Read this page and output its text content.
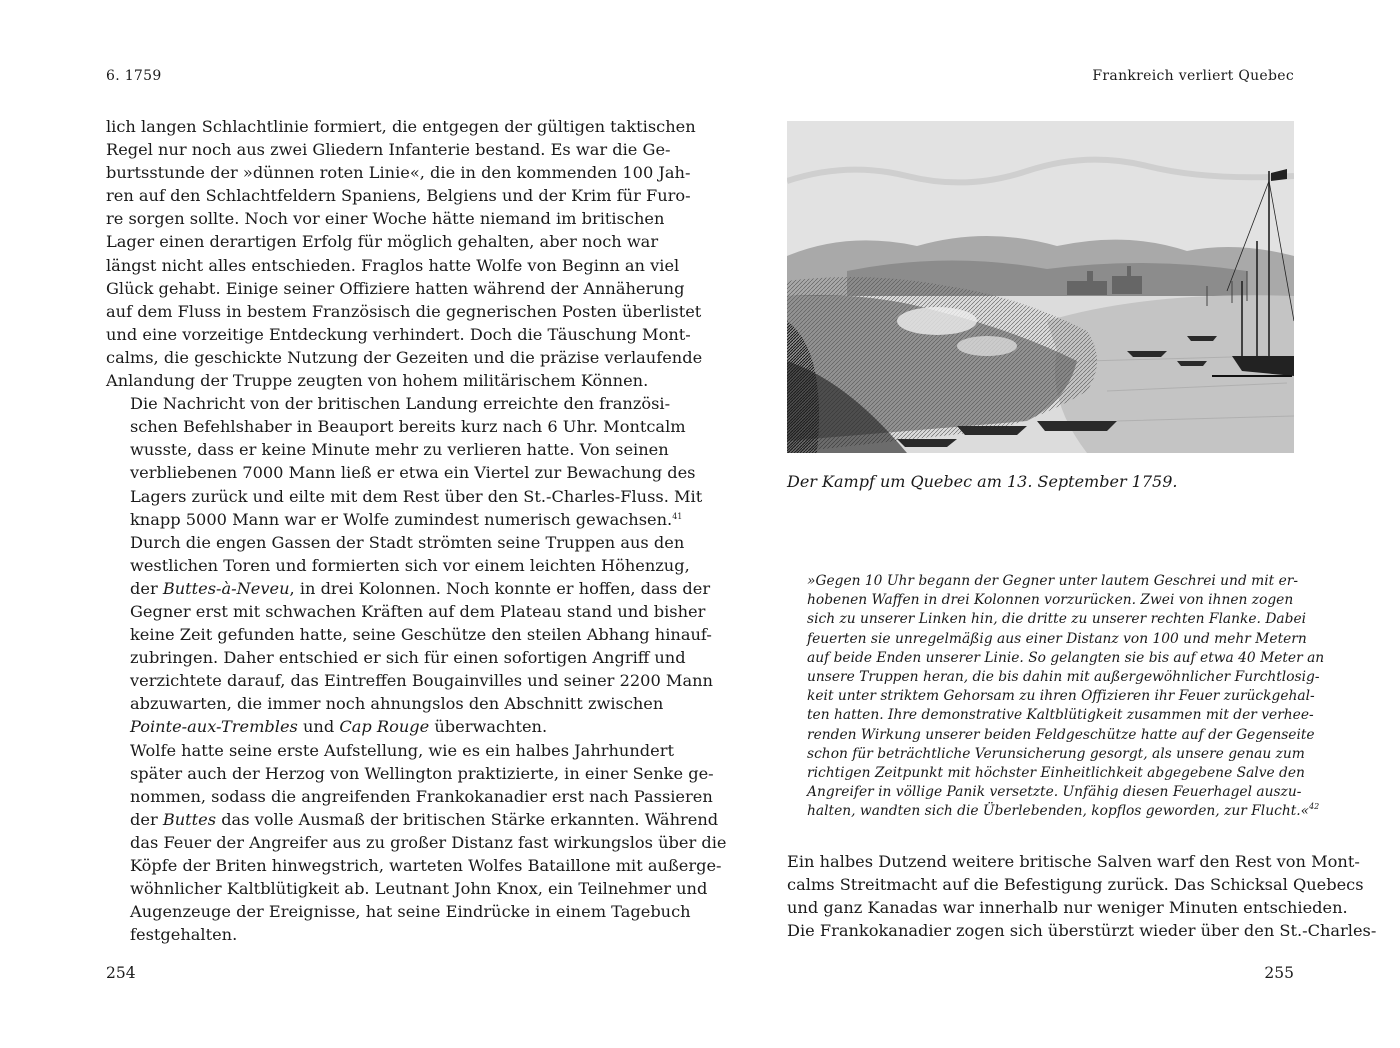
6. 1759

lich langen Schlachtlinie formiert, die entgegen der gültigen taktischen
Regel nur noch aus zwei Gliedern Infanterie bestand. Es war die Ge-
burtsstunde der »dünnen roten Linie«, die in den kommenden 100 Jah-
ren auf den Schlachtfeldern Spaniens, Belgiens und der Krim für Furo-
re sorgen sollte. Noch vor einer Woche hätte niemand im britischen
Lager einen derartigen Erfolg für möglich gehalten, aber noch war
längst nicht alles entschieden. Fraglos hatte Wolfe von Beginn an viel
Glück gehabt. Einige seiner Offiziere hatten während der Annäherung
auf dem Fluss in bestem Französisch die gegnerischen Posten überlistet
und eine vorzeitige Entdeckung verhindert. Doch die Täuschung Mont-
calms, die geschickte Nutzung der Gezeiten und die präzise verlaufende
Anlandung der Truppe zeugten von hohem militärischem Können.

Die Nachricht von der britischen Landung erreichte den französi-
schen Befehlshaber in Beauport bereits kurz nach 6 Uhr. Montcalm
wusste, dass er keine Minute mehr zu verlieren hatte. Von seinen
verbliebenen 7000 Mann ließ er etwa ein Viertel zur Bewachung des
Lagers zurück und eilte mit dem Rest über den St.-Charles-Fluss. Mit
knapp 5000 Mann war er Wolfe zumindest numerisch gewachsen.$^{41}$
Durch die engen Gassen der Stadt strömten seine Truppen aus den
westlichen Toren und formierten sich vor einem leichten Höhenzug,
der Buttes-à-Neveu, in drei Kolonnen. Noch konnte er hoffen, dass der
Gegner erst mit schwachen Kräften auf dem Plateau stand und bisher
keine Zeit gefunden hatte, seine Geschütze den steilen Abhang hinauf-
zubringen. Daher entschied er sich für einen sofortigen Angriff und
verzichtete darauf, das Eintreffen Bougainvilles und seiner 2200 Mann
abzuwarten, die immer noch ahnungslos den Abschnitt zwischen
Pointe-aux-Trembles und Cap Rouge überwachten.

Wolfe hatte seine erste Aufstellung, wie es ein halbes Jahrhundert
später auch der Herzog von Wellington praktizierte, in einer Senke ge-
nommen, sodass die angreifenden Frankokanadier erst nach Passieren
der Buttes das volle Ausmaß der britischen Stärke erkannten. Während
das Feuer der Angreifer aus zu großer Distanz fast wirkungslos über die
Köpfe der Briten hinwegstrich, warteten Wolfes Bataillone mit außerge-
wöhnlicher Kaltblütigkeit ab. Leutnant John Knox, ein Teilnehmer und
Augenzeuge der Ereignisse, hat seine Eindrücke in einem Tagebuch
festgehalten.

254
Frankreich verliert Quebec
Der Kampf um Quebec am 13. September 1759.
»Gegen 10 Uhr begann der Gegner unter lautem Geschrei und mit er-
hobenen Waffen in drei Kolonnen vorzurücken. Zwei von ihnen zogen
sich zu unserer Linken hin, die dritte zu unserer rechten Flanke. Dabei
feuerten sie unregelmäßig aus einer Distanz von 100 und mehr Metern
auf beide Enden unserer Linie. So gelangten sie bis auf etwa 40 Meter an
unsere Truppen heran, die bis dahin mit außergewöhnlicher Furchtlosig-
keit unter striktem Gehorsam zu ihren Offizieren ihr Feuer zurückgehal-
ten hatten. Ihre demonstrative Kaltblütigkeit zusammen mit der verhee-
renden Wirkung unserer beiden Feldgeschütze hatte auf der Gegenseite
schon für beträchtliche Verunsicherung gesorgt, als unsere genau zum
richtigen Zeitpunkt mit höchster Einheitlichkeit abgegebene Salve den
Angreifer in völlige Panik versetzte. Unfähig diesen Feuerhagel auszu-
halten, wandten sich die Überlebenden, kopflos geworden, zur Flucht.«$^{42}$
Ein halbes Dutzend weitere britische Salven warf den Rest von Mont-
calms Streitmacht auf die Befestigung zurück. Das Schicksal Quebecs
und ganz Kanadas war innerhalb nur weniger Minuten entschieden.
Die Frankokanadier zogen sich überstürzt wieder über den St.-Charles-
255
